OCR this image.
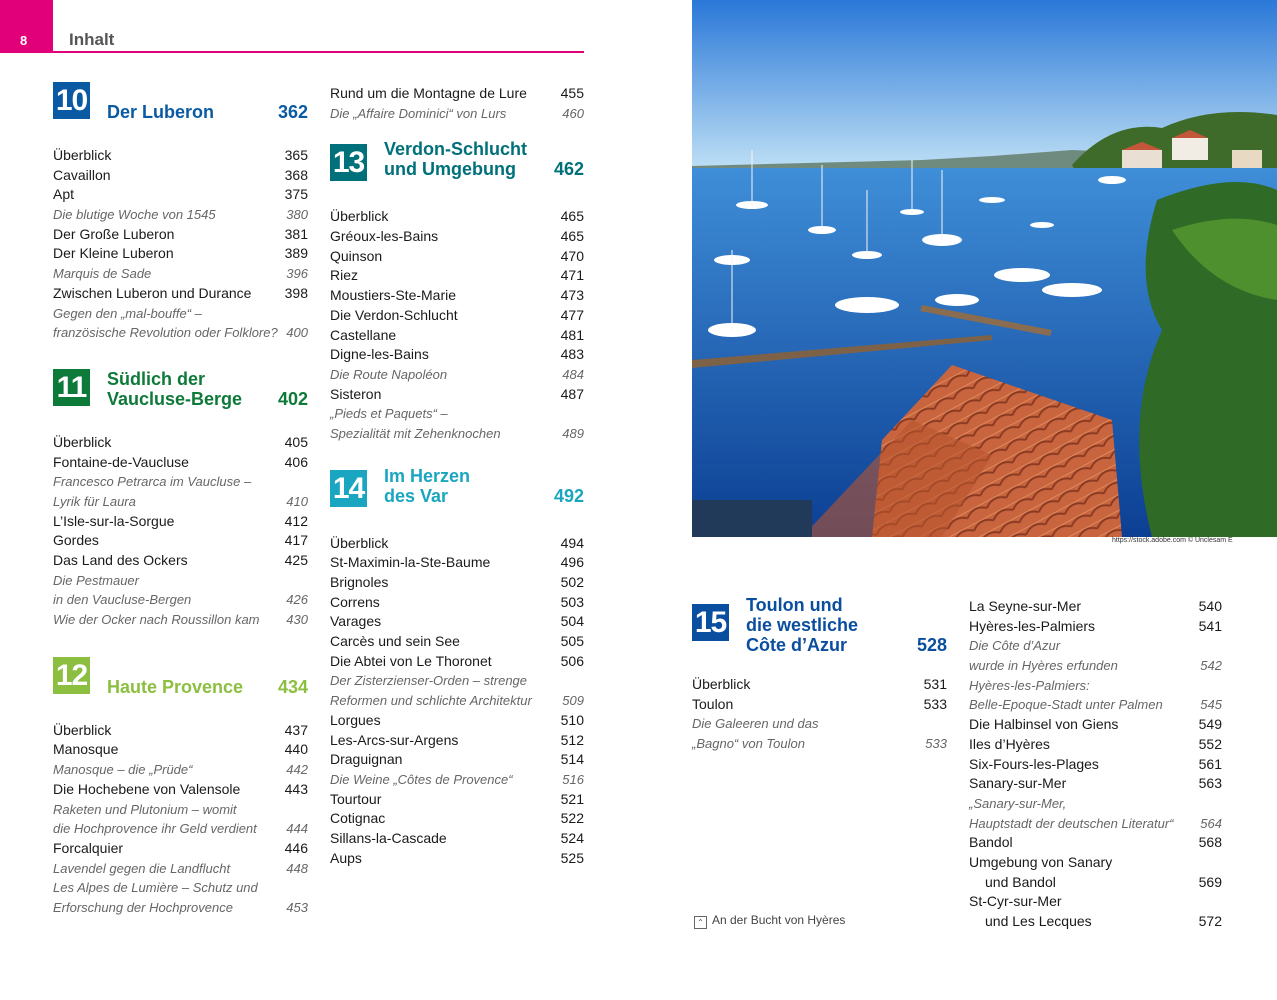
8 Inhalt
10 Der Luberon	362
Überblick	365
Cavaillon	368
Apt	375
Die blutige Woche von 1545	380
Der Große Luberon	381
Der Kleine Luberon	389
Marquis de Sade	396
Zwischen Luberon und Durance 398
Gegen den „mal-bouffe“ –
französische Revolution oder Folklore? 400
11 Südlich der
Vaucluse-Berge 402
Überblick	405
Fontaine-de-Vaucluse	406
Francesco Petrarca im Vaucluse –
Lyrik für Laura	410
L’Isle-sur-la-Sorgue	412
Gordes	417
Das Land des Ockers	425
Die Pestmauer
in den Vaucluse-Bergen	426
Wie der Ocker nach Roussillon kam 430
12 Haute Provence 434
Überblick	437
Manosque	440
Manosque – die „Prüde“	442
Die Hochebene von Valensole	443
Raketen und Plutonium – womit
die Hochprovence ihr Geld verdient 444
Forcalquier	446
Lavendel gegen die Landflucht	448
Les Alpes de Lumière – Schutz und
Erforschung der Hochprovence	453
Rund um die Montagne de Lure 455
Die „Affaire Dominici“ von Lurs	460
13 Verdon-Schlucht
und Umgebung	462
Überblick	465
Gréoux-les-Bains	465
Quinson	470
Riez	471
Moustiers-Ste-Marie	473
Die Verdon-Schlucht	477
Castellane	481
Digne-les-Bains	483
Die Route Napoléon	484
Sisteron	487
„Pieds et Paquets“ –
Spezialität mit Zehenknochen	489
14 Im Herzen
des Var	492
Überblick	494
St-Maximin-la-Ste-Baume	496
Brignoles	502
Correns	503
Varages	504
Carcès und sein See	505
Die Abtei von Le Thoronet	506
Der Zisterzienser-Orden – strenge
Reformen und schlichte Architektur 509
Lorgues	510
Les-Arcs-sur-Argens	512
Draguignan	514
Die Weine „Côtes de Provence“	516
Tourtour	521
Cotignac	522
Sillans-la-Cascade	524
Aups	525
https://stock.adobe.com © Unclesam E
15
Toulon und
die westliche
Côte d’Azur	528
Überblick	531
Toulon	533
Die Galeeren und das
„Bagno“ von Toulon	533
⌃ An der Bucht von Hyères
La Seyne-sur-Mer	540
Hyères-les-Palmiers	541
Die Côte d’Azur
wurde in Hyères erfunden	542
Hyères-les-Palmiers:
Belle-Epoque-Stadt unter Palmen	545
Die Halbinsel von Giens	549
Iles d’Hyères	552
Six-Fours-les-Plages	561
Sanary-sur-Mer	563
„Sanary-sur-Mer,
Hauptstadt der deutschen Literatur“ 564
Bandol	568
Umgebung von Sanary
und Bandol	569
St-Cyr-sur-Mer
und Les Lecques	572
